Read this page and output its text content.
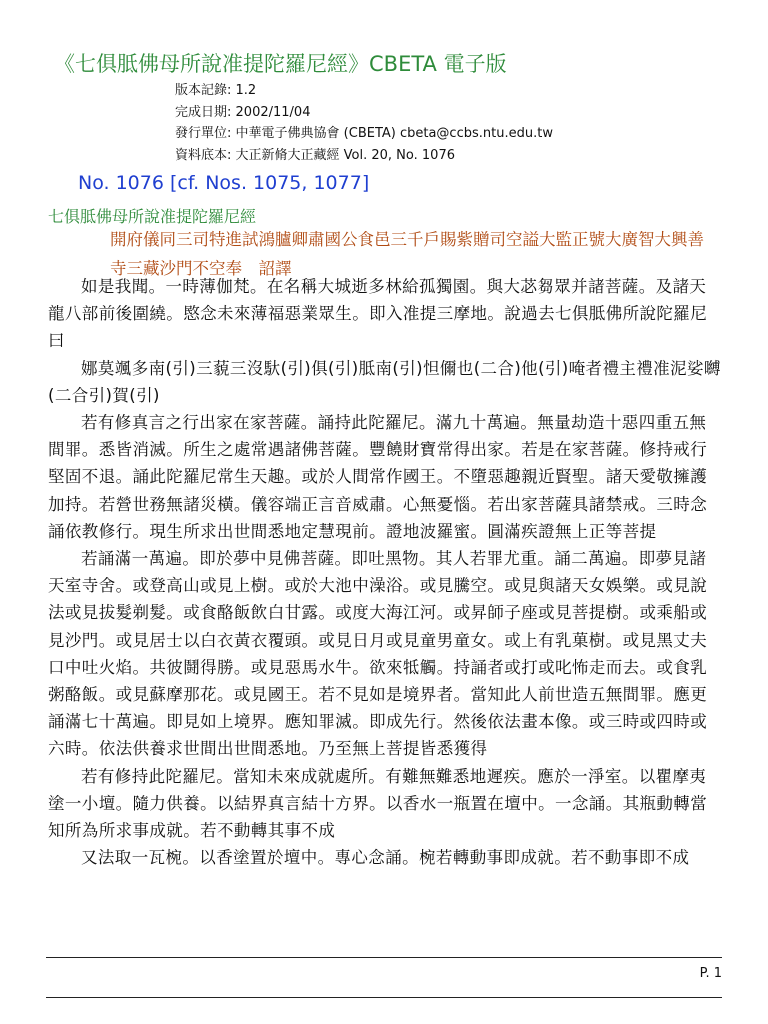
《七俱胝佛母所說准提陀羅尼經》CBETA 電子版
版本記錄: 1.2
完成日期: 2002/11/04
發行單位: 中華電子佛典協會 (CBETA) cbeta@ccbs.ntu.edu.tw
資料底本: 大正新脩大正藏經 Vol. 20, No. 1076
No. 1076 [cf. Nos. 1075, 1077]
七俱胝佛母所說准提陀羅尼經
開府儀同三司特進試鴻臚卿肅國公食邑三千戶賜紫贈司空謚大監正號大廣智大興善寺三藏沙門不空奉　詔譯

如是我聞。一時薄伽梵。在名稱大城逝多林給孤獨園。與大苾芻眾并諸菩薩。及諸天龍八部前後圍繞。愍念未來薄福惡業眾生。即入准提三摩地。說過去七俱胝佛所說陀羅尼曰

娜莫颯多南(引)三藐三沒馱(引)俱(引)胝南(引)怛儞也(二合)他(引)唵者禮主禮准泥娑嚩(二合引)賀(引)

若有修真言之行出家在家菩薩。誦持此陀羅尼。滿九十萬遍。無量劫造十惡四重五無間罪。悉皆消滅。所生之處常遇諸佛菩薩。豐饒財寶常得出家。若是在家菩薩。修持戒行堅固不退。誦此陀羅尼常生天趣。或於人間常作國王。不墮惡趣親近賢聖。諸天愛敬擁護加持。若營世務無諸災橫。儀容端正言音威肅。心無憂惱。若出家菩薩具諸禁戒。三時念誦依教修行。現生所求出世間悉地定慧現前。證地波羅蜜。圓滿疾證無上正等菩提

若誦滿一萬遍。即於夢中見佛菩薩。即吐黑物。其人若罪尤重。誦二萬遍。即夢見諸天室寺舍。或登高山或見上樹。或於大池中澡浴。或見騰空。或見與諸天女娛樂。或見說法或見拔髮剃髮。或食酪飯飲白甘露。或度大海江河。或昇師子座或見菩提樹。或乘船或見沙門。或見居士以白衣黃衣覆頭。或見日月或見童男童女。或上有乳菓樹。或見黑丈夫口中吐火焰。共彼鬪得勝。或見惡馬水牛。欲來牴觸。持誦者或打或叱怖走而去。或食乳粥酪飯。或見蘇摩那花。或見國王。若不見如是境界者。當知此人前世造五無間罪。應更誦滿七十萬遍。即見如上境界。應知罪滅。即成先行。然後依法畫本像。或三時或四時或六時。依法供養求世間出世間悉地。乃至無上菩提皆悉獲得

若有修持此陀羅尼。當知未來成就處所。有難無難悉地遲疾。應於一淨室。以瞿摩夷塗一小壇。隨力供養。以結界真言結十方界。以香水一瓶置在壇中。一念誦。其瓶動轉當知所為所求事成就。若不動轉其事不成

又法取一瓦椀。以香塗置於壇中。專心念誦。椀若轉動事即成就。若不動事即不成

P. 1
